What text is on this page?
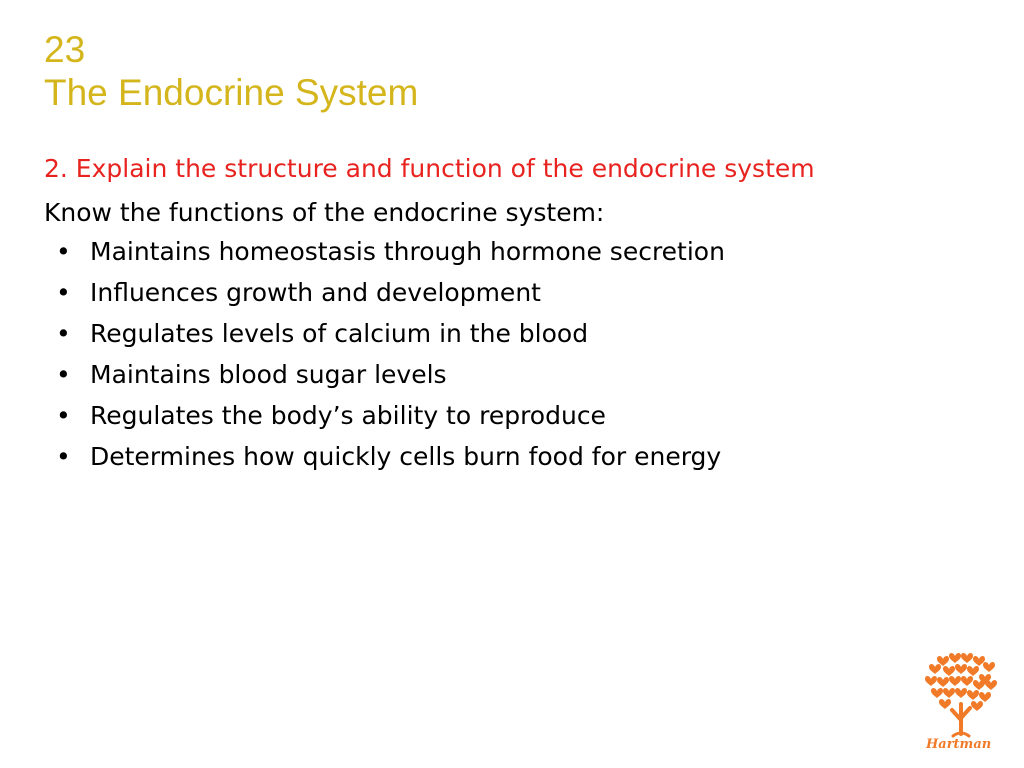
23
The Endocrine System
2. Explain the structure and function of the endocrine system
Know the functions of the endocrine system:
• Maintains homeostasis through hormone secretion
• Influences growth and development
• Regulates levels of calcium in the blood
• Maintains blood sugar levels
• Regulates the body’s ability to reproduce
• Determines how quickly cells burn food for energy
Hartman
